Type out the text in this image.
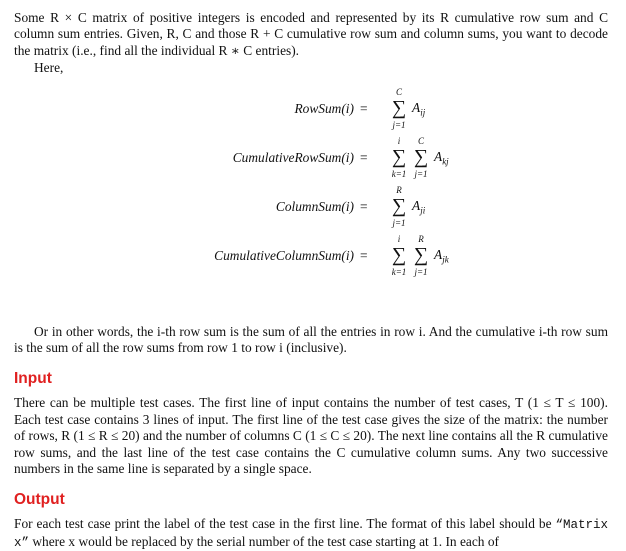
Some R × C matrix of positive integers is encoded and represented by its R cumulative row sum and C column sum entries. Given, R, C and those R + C cumulative row sum and column sums, you want to decode the matrix (i.e., find all the individual R ∗ C entries).

Here,

RowSum(i) =
C
∑
j=1
$A_{ij}$
CumulativeRowSum(i) =
i
∑
k=1
C
∑
j=1
$A_{kj}$
ColumnSum(i) =
R
∑
j=1
$A_{ji}$
CumulativeColumnSum(i) =
i
∑
k=1
R
∑
j=1
$A_{jk}$

Or in other words, the i-th row sum is the sum of all the entries in row i. And the cumulative i-th row sum is the sum of all the row sums from row 1 to row i (inclusive).

Input

There can be multiple test cases. The first line of input contains the number of test cases, T (1 ≤ T ≤ 100). Each test case contains 3 lines of input. The first line of the test case gives the size of the matrix: the number of rows, R (1 ≤ R ≤ 20) and the number of columns C (1 ≤ C ≤ 20). The next line contains all the R cumulative row sums, and the last line of the test case contains the C cumulative column sums. Any two successive numbers in the same line is separated by a single space.

Output

For each test case print the label of the test case in the first line. The format of this label should be “Matrix x” where x would be replaced by the serial number of the test case starting at 1. In each of
